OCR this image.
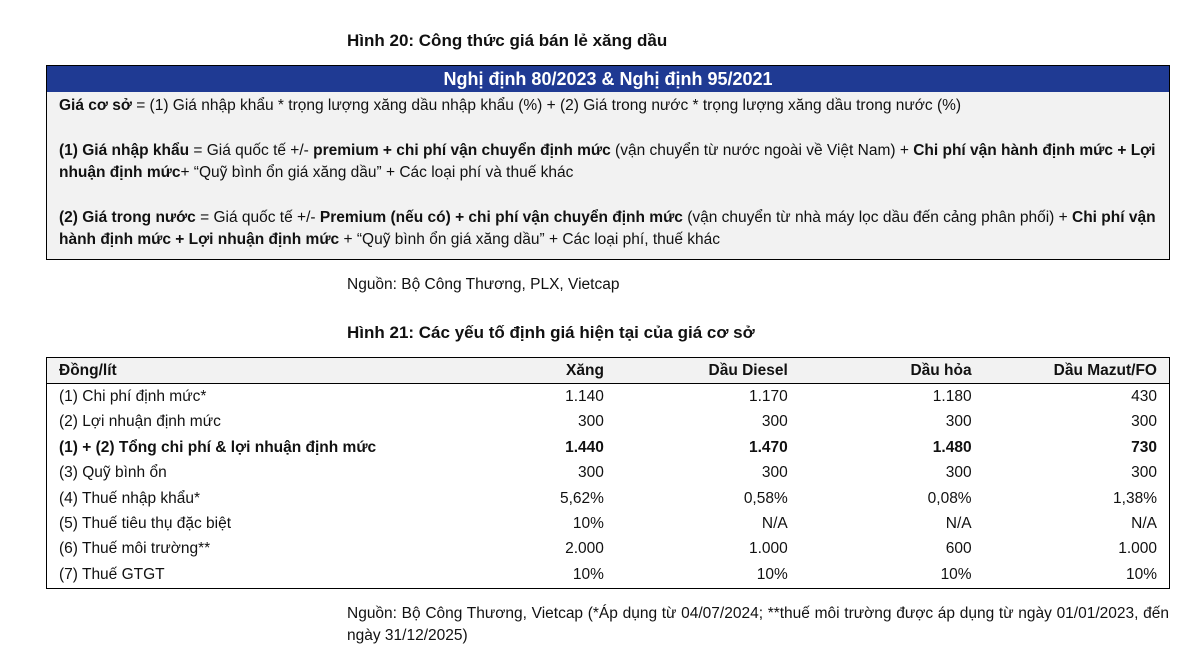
Hình 20: Công thức giá bán lẻ xăng dầu
Nghị định 80/2023 & Nghị định 95/2021

Giá cơ sở = (1) Giá nhập khẩu * trọng lượng xăng dầu nhập khẩu (%) + (2) Giá trong nước * trọng lượng xăng dầu trong nước (%)

(1) Giá nhập khẩu = Giá quốc tế +/- premium + chi phí vận chuyển định mức (vận chuyển từ nước ngoài về Việt Nam) + Chi phí vận hành định mức + Lợi nhuận định mức+ “Quỹ bình ổn giá xăng dầu” + Các loại phí và thuế khác

(2) Giá trong nước = Giá quốc tế +/- Premium (nếu có) + chi phí vận chuyển định mức (vận chuyển từ nhà máy lọc dầu đến cảng phân phối) + Chi phí vận hành định mức + Lợi nhuận định mức + “Quỹ bình ổn giá xăng dầu” + Các loại phí, thuế khác

Nguồn: Bộ Công Thương, PLX, Vietcap
Hình 21: Các yếu tố định giá hiện tại của giá cơ sở
Đồng/lít	Xăng	Dầu Diesel	Dầu hỏa	Dầu Mazut/FO
(1) Chi phí định mức*	1.140	1.170	1.180	430
(2) Lợi nhuận định mức	300	300	300	300
(1) + (2) Tổng chi phí & lợi nhuận định mức	1.440	1.470	1.480	730
(3) Quỹ bình ổn	300	300	300	300
(4) Thuế nhập khẩu*	5,62%	0,58%	0,08%	1,38%
(5) Thuế tiêu thụ đặc biệt	10%	N/A	N/A	N/A
(6) Thuế môi trường**	2.000	1.000	600	1.000
(7) Thuế GTGT	10%	10%	10%	10%
Nguồn: Bộ Công Thương, Vietcap (*Áp dụng từ 04/07/2024; **thuế môi trường được áp dụng từ ngày 01/01/2023, đến ngày 31/12/2025)
